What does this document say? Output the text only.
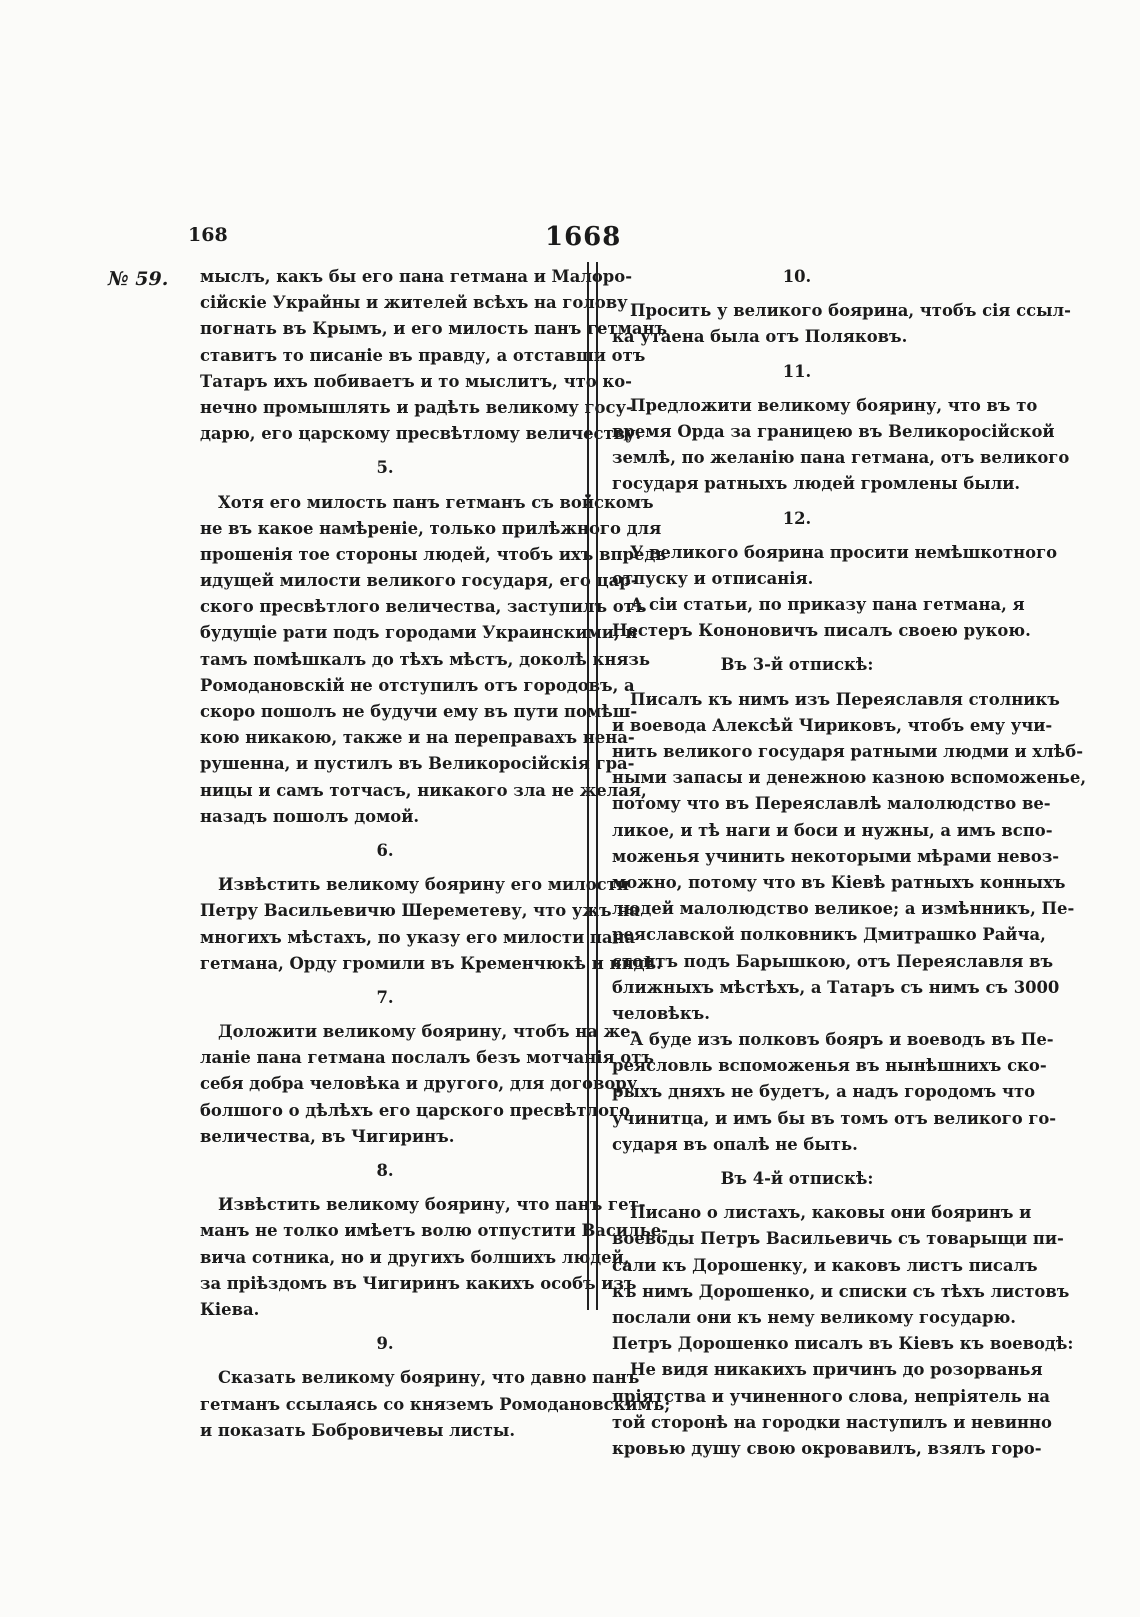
168	1668
№ 59. мыслъ, какъ бы его пана гетмана и Малоро-
сійскіе Украйны и жителей всѣхъ на голову
погнать въ Крымъ, и его милость панъ гетманъ
ставитъ то писаніе въ правду, а отставши отъ
Татаръ ихъ побиваетъ и то мыслитъ, что ко-
нечно промышлять и радѣть великому госу-
дарю, его царскому пресвѣтлому величеству.
5.
Хотя его милость панъ гетманъ съ войскомъ
не въ какое намѣреніе, только прилѣжного для
прошенія тое стороны людей, чтобъ ихъ впредь
идущей милости великого государя, его цар-
ского пресвѣтлого величества, заступилъ отъ
будущіе рати подъ городами Украинскими, и
тамъ помѣшкалъ до тѣхъ мѣстъ, доколѣ князь
Ромодановскій не отступилъ отъ городовъ, а
скоро пошолъ не будучи ему въ пути помѣш-
кою никакою, также и на переправахъ нена-
рушенна, и пустилъ въ Великоросійскія гра-
ницы и самъ тотчасъ, никакого зла не желая,
назадъ пошолъ домой.
6.
Извѣстить великому боярину его милости
Петру Васильевичю Шереметеву, что ужъ на
многихъ мѣстахъ, по указу его милости пана
гетмана, Орду громили въ Кременчюкѣ и индѣ.
7.
Доложити великому боярину, чтобъ на же-
ланіе пана гетмана послалъ безъ мотчанія отъ
себя добра человѣка и другого, для договору
болшого о дѣлѣхъ его царского пресвѣтлого
величества, въ Чигиринъ.
8.
Извѣстить великому боярину, что панъ гет-
манъ не толко имѣетъ волю отпустити Василье-
вича сотника, но и другихъ болшихъ людей,
за пріѣздомъ въ Чигиринъ какихъ особъ изъ
Кіева.
9.
Сказать великому боярину, что давно панъ
гетманъ ссылаясь со княземъ Ромодановскимъ;
и показать Бобровичевы листы.
10.
Просить у великого боярина, чтобъ сія ссыл-
ка утаена была отъ Поляковъ.
11.
Предложити великому боярину, что въ то
время Орда за границею въ Великоросійской
землѣ, по желанію пана гетмана, отъ великого
государя ратныхъ людей громлены были.
12.
У великого боярина просити немѣшкотного
отпуску и отписанія.
А сіи статьи, по приказу пана гетмана, я
Нестеръ Кононовичъ писалъ своею рукою.
Въ 3-й отпискѣ:
Писалъ къ нимъ изъ Переяславля столникъ
и воевода Алексѣй Чириковъ, чтобъ ему учи-
нить великого государя ратными людми и хлѣб-
ными запасы и денежною казною вспоможенье,
потому что въ Переяславлѣ малолюдство ве-
ликое, и тѣ наги и боси и нужны, а имъ вспо-
моженья учинить некоторыми мѣрами невоз-
можно, потому что въ Кіевѣ ратныхъ конныхъ
людей малолюдство великое; а измѣнникъ, Пе-
реяславской полковникъ Дмитрашко Райча,
стоитъ подъ Барышкою, отъ Переяславля въ
ближныхъ мѣстѣхъ, а Татаръ съ нимъ съ 3000
человѣкъ.
А буде изъ полковъ бояръ и воеводъ въ Пе-
реясловль вспоможенья въ нынѣшнихъ ско-
рыхъ дняхъ не будетъ, а надъ городомъ что
учинитца, и имъ бы въ томъ отъ великого го-
сударя въ опалѣ не быть.
Въ 4-й отпискѣ:
Писано о листахъ, каковы они бояринъ и
воеводы Петръ Васильевичь съ товарыщи пи-
сали къ Дорошенку, и каковъ листъ писалъ
къ нимъ Дорошенко, и списки съ тѣхъ листовъ
послали они къ нему великому государю.
Петръ Дорошенко писалъ въ Кіевъ къ воеводѣ:
Не видя никакихъ причинъ до розорванья
пріятства и учиненного слова, непріятель на
той сторонѣ на городки наступилъ и невинно
кровью душу свою окровавилъ, взялъ горо-
